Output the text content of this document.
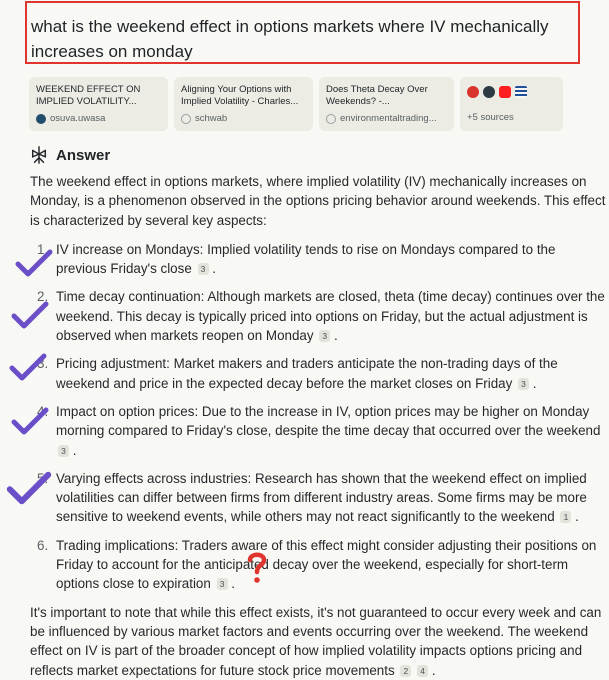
what is the weekend effect in options markets where IV mechanically increases on monday
WEEKEND EFFECT ON IMPLIED VOLATILITY...
osuva.uwasa
Aligning Your Options with Implied Volatility - Charles...
schwab
Does Theta Decay Over Weekends? -...
environmentaltrading...	+5 sources
Answer

The weekend effect in options markets, where implied volatility (IV) mechanically increases on Monday, is a phenomenon observed in the options pricing behavior around weekends. This effect is characterized by several key aspects:

1. IV increase on Mondays: Implied volatility tends to rise on Mondays compared to the previous Friday's close 3 .
2. Time decay continuation: Although markets are closed, theta (time decay) continues over the weekend. This decay is typically priced into options on Friday, but the actual adjustment is observed when markets reopen on Monday 3 .
3. Pricing adjustment: Market makers and traders anticipate the non-trading days of the weekend and price in the expected decay before the market closes on Friday 3 .
4. Impact on option prices: Due to the increase in IV, option prices may be higher on Monday morning compared to Friday's close, despite the time decay that occurred over the weekend 3 .
5. Varying effects across industries: Research has shown that the weekend effect on implied volatilities can differ between firms from different industry areas. Some firms may be more sensitive to weekend events, while others may not react significantly to the weekend 1 .
6. Trading implications: Traders aware of this effect might consider adjusting their positions on Friday to account for the anticipated decay over the weekend, especially for short-term options close to expiration 3 .

It's important to note that while this effect exists, it's not guaranteed to occur every week and can be influenced by various market factors and events occurring over the weekend. The weekend effect on IV is part of the broader concept of how implied volatility impacts options pricing and reflects market expectations for future stock price movements 2 4 .
